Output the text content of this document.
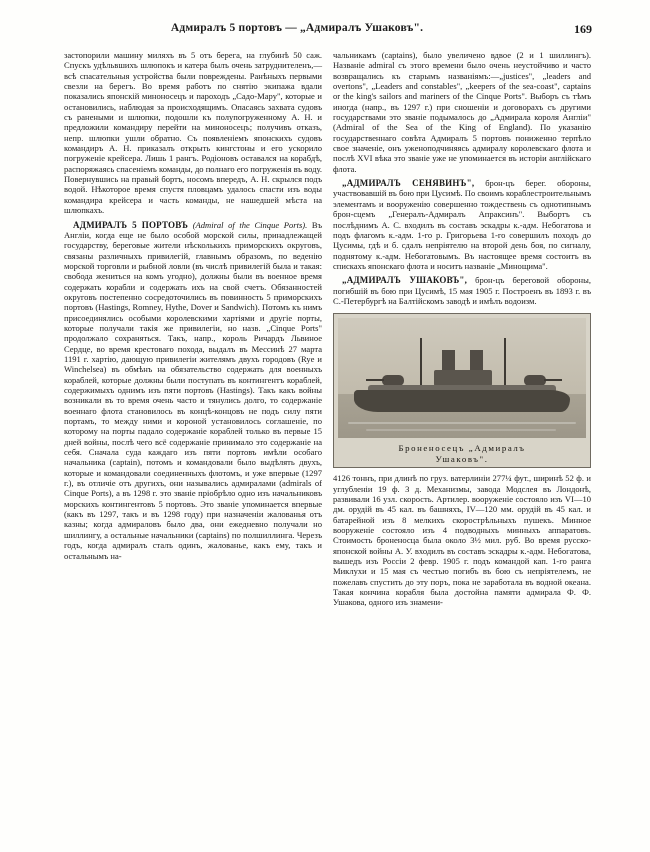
Адмиралъ 5 портовъ — „Адмиралъ Ушаковъ".	169

застопорили машину миляхъ въ 5 отъ берега, на глубинѣ 50 саж. Спускъ удѣльвшихъ шлюпокъ и катера былъ очень затруднителенъ,—всѣ спасательныя устройства были повреждены. Ранѣныхъ первыми свезли на берегъ. Во время работъ по снятію экипажа вдали показались японскій миноносецъ и пароходъ „Садо-Мару", которые и остановились, наблюдая за происходящимъ. Опасаясь захвата судовъ съ ранеными и шлюпки, подошли къ полупогруженному А. Н. и предложили командиру перейти на миноносецъ; получивъ отказъ, непр. шлюпки ушли обратно. Съ появленіемъ японскихъ судовъ командиръ А. Н. приказалъ открыть кингстоны и его ускорило погруженіе крейсера. Лишь 1 рангъ. Родіоновъ оставался на корабдѣ, распоряжаясь спасеніемъ команды, до полнаго его погруженія въ воду. Повернувшись на правый бортъ, носомъ впередъ, А. Н. скрылся подъ водой. Нѣкоторое время спустя пловцамъ удалось спасти изъ воды командира крейсера и часть команды, не нашедшей мѣста на шлюпкахъ.

АДМИРАЛЪ 5 ПОРТОВЪ (Admiral of the Cinque Ports). Въ Англіи, когда еще не было особой морской силы, принадлежащей государству, береговые жители нѣсколькихъ приморскихъ округовъ, связаны различныхъ привилегій, главнымъ образомъ, по веденію морской торговли и рыбной ловли (въ числѣ привилегій была и такая: свобода жениться на комъ угодно), должны были въ военное время содержать корабли и содержать ихъ на свой счетъ. Обязанностей округовъ постепенно сосредоточились въ повинность 5 приморскихъ портовъ (Hastings, Romney, Hythe, Dover и Sandwich). Потомъ къ нимъ присоединялись особыми королевскими хартіями и другіе порты, которые получали такія же привилегіи, но назв. „Cinque Ports" продолжало сохраняться. Такъ, напр., король Ричардъ Львиное Сердце, во время крестоваго похода, выдалъ въ Мессинѣ 27 марта 1191 г. хартію, дающую привилегіи жителямъ двухъ городовъ (Rye и Winchelsea) въ обмѣнъ на обязательство содержать для военныхъ кораблей, которые должны были поступать въ контингентъ кораблей, содержимыхъ однимъ изъ пяти портовъ (Hastings). Такъ какъ войны возникали въ то время очень часто и тянулись долго, то содержаніе военнаго флота становилось въ концѣ-концовъ не подъ силу пяти портамъ, то между ними и короной установилось соглашеніе, по которому на порты падало содержаніе кораблей только въ первые 15 дней войны, послѣ чего всё содержаніе принимало это содержаніе на себя. Сначала суда каждаго изъ пяти портовъ имѣли особаго начальника (captain), потомъ и командовали было выдѣлять двухъ, которые и командовали соединенныхъ флотомъ, и уже впервые (1297 г.), въ отличіе отъ другихъ, они назывались адмиралами (admirals of Cinque Ports), а въ 1298 г. это званіе пріобрѣло одно изъ начальниковъ морскихъ контингентовъ 5 портовъ. Это званіе упоминается впервые (какъ въ 1297, такъ и въ 1298 году) при назначеніи жалованья отъ казны; когда адмираловъ было два, они ежедневно получали но шиллингу, а остальные начальники (captains) по полшиллинга. Черезъ годъ, когда адмиралъ сталъ одинъ, жалованье, какъ ему, такъ и остальнымъ на-

чальникамъ (captains), было увеличено вдвое (2 и 1 шиллингъ). Названіе admiral съ этого времени было очень неустойчиво и часто возвращались къ старымъ названіямъ:—„justices", „leaders and overtons", „Leaders and constables", „keepers of the sea-coast", captains or the king's sailors and mariners of the Cinque Ports". Выборъ съ тѣмъ иногда (напр., въ 1297 г.) при сношеніи и договорахъ съ другими государствами это званіе подымалось до „Адмирала короля Англіи" (Admiral of the Sea of the King of England). По указанію государственнаго совѣта Адмиралъ 5 портовъ пониженно терпѣло свое значеніе, онъ уженоподчиняясь адмиралу королевскаго флота и послѣ XVI вѣка это званіе уже не упоминается въ исторіи англійскаго флота.

„АДМИРАЛЪ СЕНЯВИНЪ", брон-цъ берег. обороны, участвовавшій въ бою при Цусимѣ. По своимъ кораблестроительнымъ элементамъ и вооруженію совершенно тождествень съ однотипнымъ брон-сцемъ „Генералъ-Адмиралъ Апраксинъ". Выбортъ съ послѣднимъ А. С. входилъ въ составъ эскадры к.-адм. Небогатова и подъ флагомъ к.-адм. 1-го р. Григорьева 1-го совершилъ походъ до Цусимы, гдѣ и б. сдалъ непріятелю на второй день боя, по сигналу, поднятому к.-адм. Небогатовымъ. Въ настоящее время состоитъ въ спискахъ японскаго флота и носитъ названіе „Минощима".

„АДМИРАЛЪ УШАКОВЪ", брон-цъ береговой обороны, погибшій въ бою при Цусимѣ, 15 мая 1905 г. Построенъ въ 1893 г. въ С.-Петербургѣ на Балтійскомъ заводѣ и имѣлъ водоизм.

Броненосецъ „Адмиралъ
Ушаковъ".

4126 тоннъ, при длинѣ по груз. ватерлиніи 277¼ фут., ширинѣ 52 ф. и углубленіи 19 ф. 3 д. Механизмы, завода Модслея въ Лондонѣ, развивали 16 узл. скорость. Артилер. вооруженіе состояло изъ VI—10 дм. орудій въ 45 кал. въ башняхъ, IV—120 мм. орудій въ 45 кал. и батарейной изъ 8 мелкихъ скорострѣльныхъ пушекъ. Минное вооруженіе состояло изъ 4 подводныхъ минныхъ аппаратовъ. Стоимость броненосца была около 3½ мил. руб. Во время русско-японской войны А. У. входилъ въ составъ эскадры к.-адм. Небогатова, вышедъ изъ Россіи 2 февр. 1905 г. подъ командой кап. 1-го ранга Миклухи и 15 мая съ честью погибъ въ бою съ непріятелемъ, не пожелавъ спустить до эту поръ, пока не заработала въ водной океана. Такая кончина корабля была достойна памяти адмирала Ф. Ф. Ушакова, одного изъ знамени-
